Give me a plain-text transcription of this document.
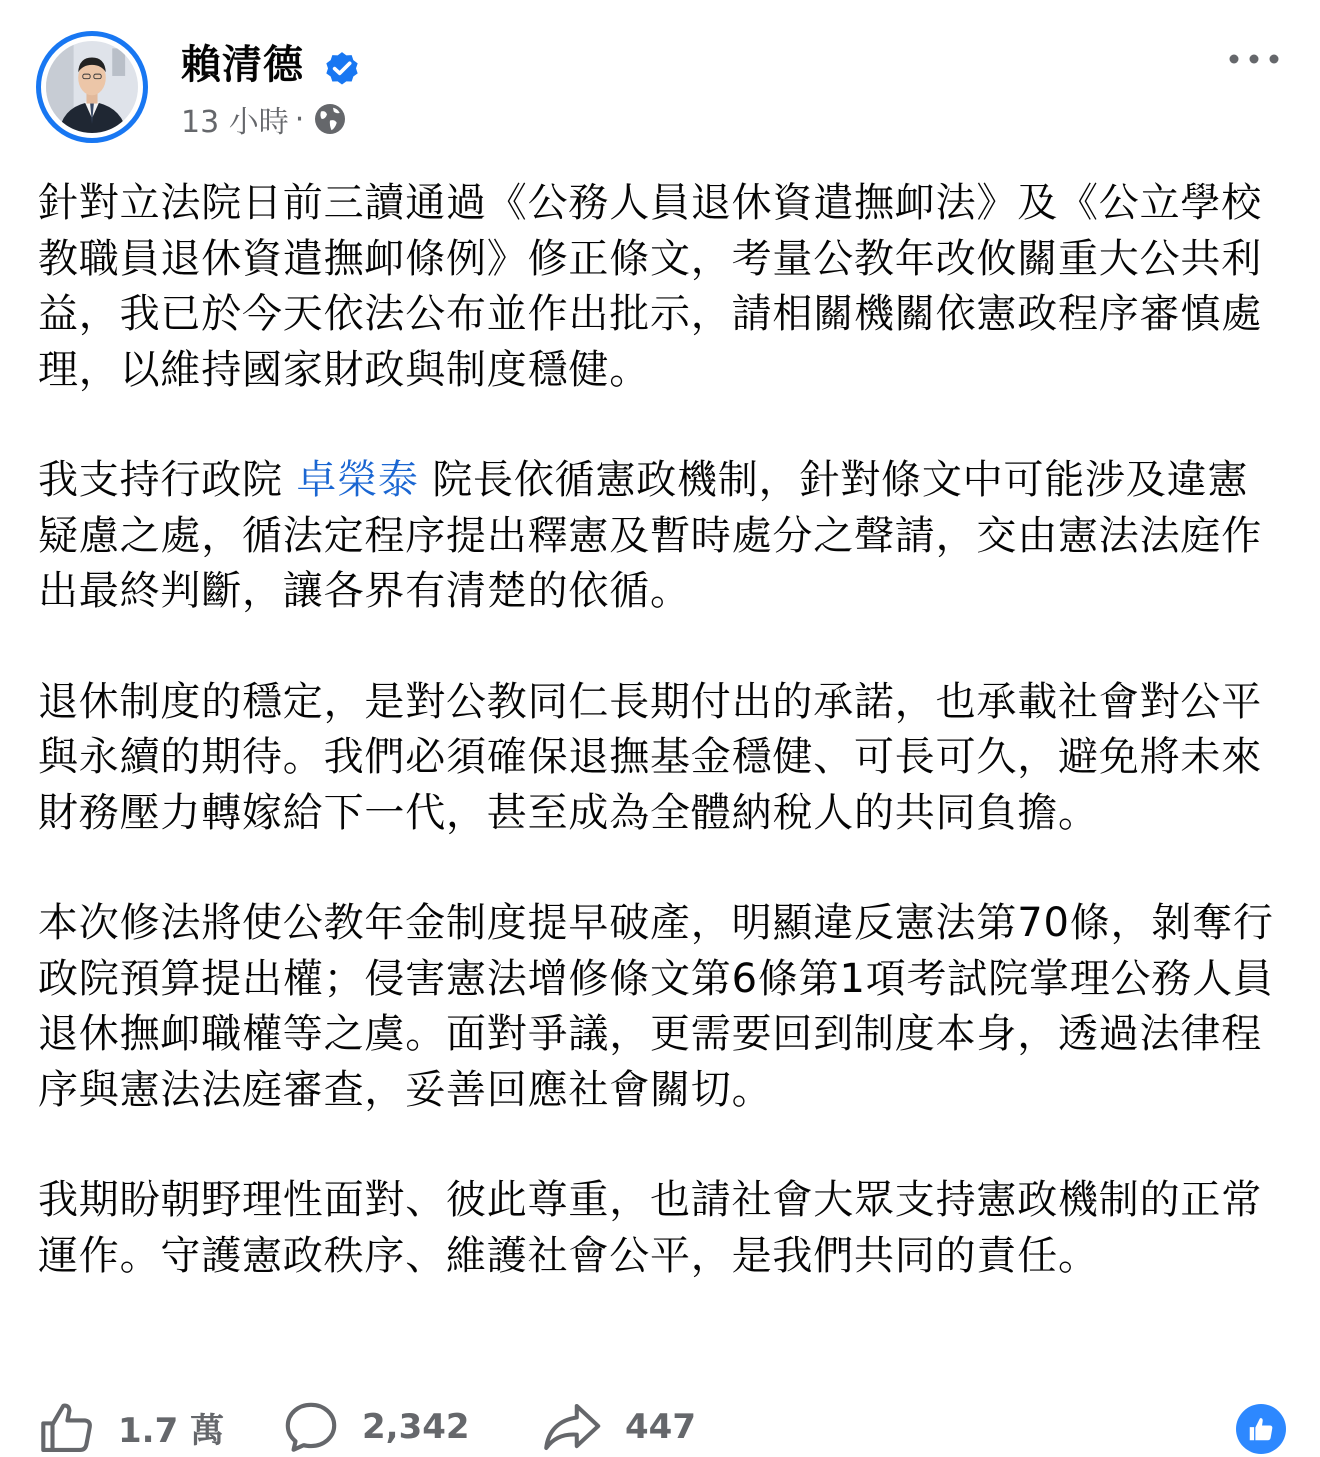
賴清德
13 小時 ·

針對立法院日前三讀通過《公務人員退休資遣撫卹法》及《公立學校教職員退休資遣撫卹條例》修正條文，考量公教年改攸關重大公共利益，我已於今天依法公布並作出批示，請相關機關依憲政程序審慎處理，以維持國家財政與制度穩健。

我支持行政院 卓榮泰 院長依循憲政機制，針對條文中可能涉及違憲疑慮之處，循法定程序提出釋憲及暫時處分之聲請，交由憲法法庭作出最終判斷，讓各界有清楚的依循。

退休制度的穩定，是對公教同仁長期付出的承諾，也承載社會對公平與永續的期待。我們必須確保退撫基金穩健、可長可久，避免將未來財務壓力轉嫁給下一代，甚至成為全體納稅人的共同負擔。

本次修法將使公教年金制度提早破產，明顯違反憲法第70條，剝奪行政院預算提出權；侵害憲法增修條文第6條第1項考試院掌理公務人員退休撫卹職權等之虞。面對爭議，更需要回到制度本身，透過法律程序與憲法法庭審查，妥善回應社會關切。

我期盼朝野理性面對、彼此尊重，也請社會大眾支持憲政機制的正常運作。守護憲政秩序、維護社會公平，是我們共同的責任。

1.7 萬	2,342	447
